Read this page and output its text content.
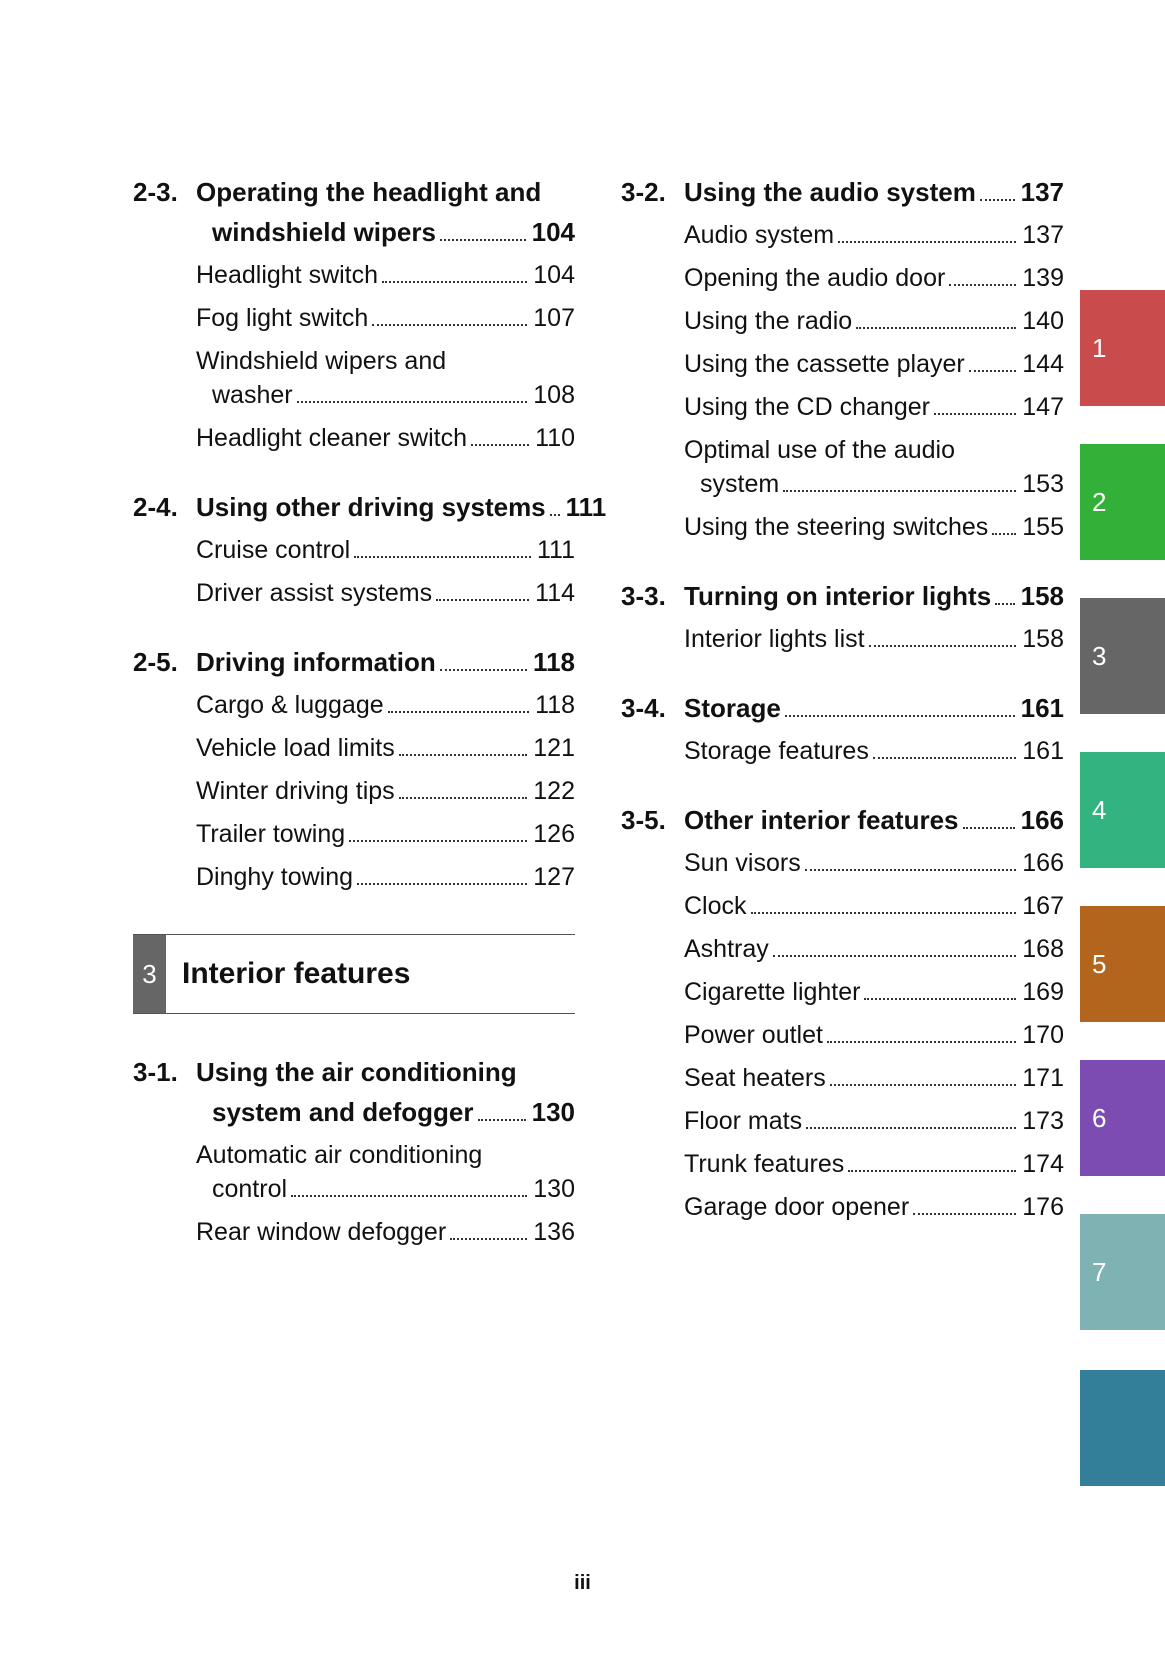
2-3. Operating the headlight and
windshield wipers	104
Headlight switch	104
Fog light switch	107
Windshield wipers and
washer	108
Headlight cleaner switch	110
2-4. Using other driving systems 111
Cruise control	111
Driver assist systems	114
2-5. Driving information	118
Cargo & luggage	118
Vehicle load limits	121
Winter driving tips	122
Trailer towing	126
Dinghy towing	127
3 Interior features
3-1. Using the air conditioning
system and defogger 130
Automatic air conditioning
control	130
Rear window defogger	136
3-2. Using the audio system 137
Audio system	137
Opening the audio door	139
Using the radio	140
Using the cassette player 144
Using the CD changer	147
Optimal use of the audio
system	153
Using the steering switches 155
3-3. Turning on interior lights 158
Interior lights list	158
3-4. Storage	161
Storage features	161
3-5. Other interior features 166
Sun visors	166
Clock	167
Ashtray	168
Cigarette lighter	169
Power outlet	170
Seat heaters	171
Floor mats	173
Trunk features	174
Garage door opener	176
1
2
3
4
5
6
7
iii
